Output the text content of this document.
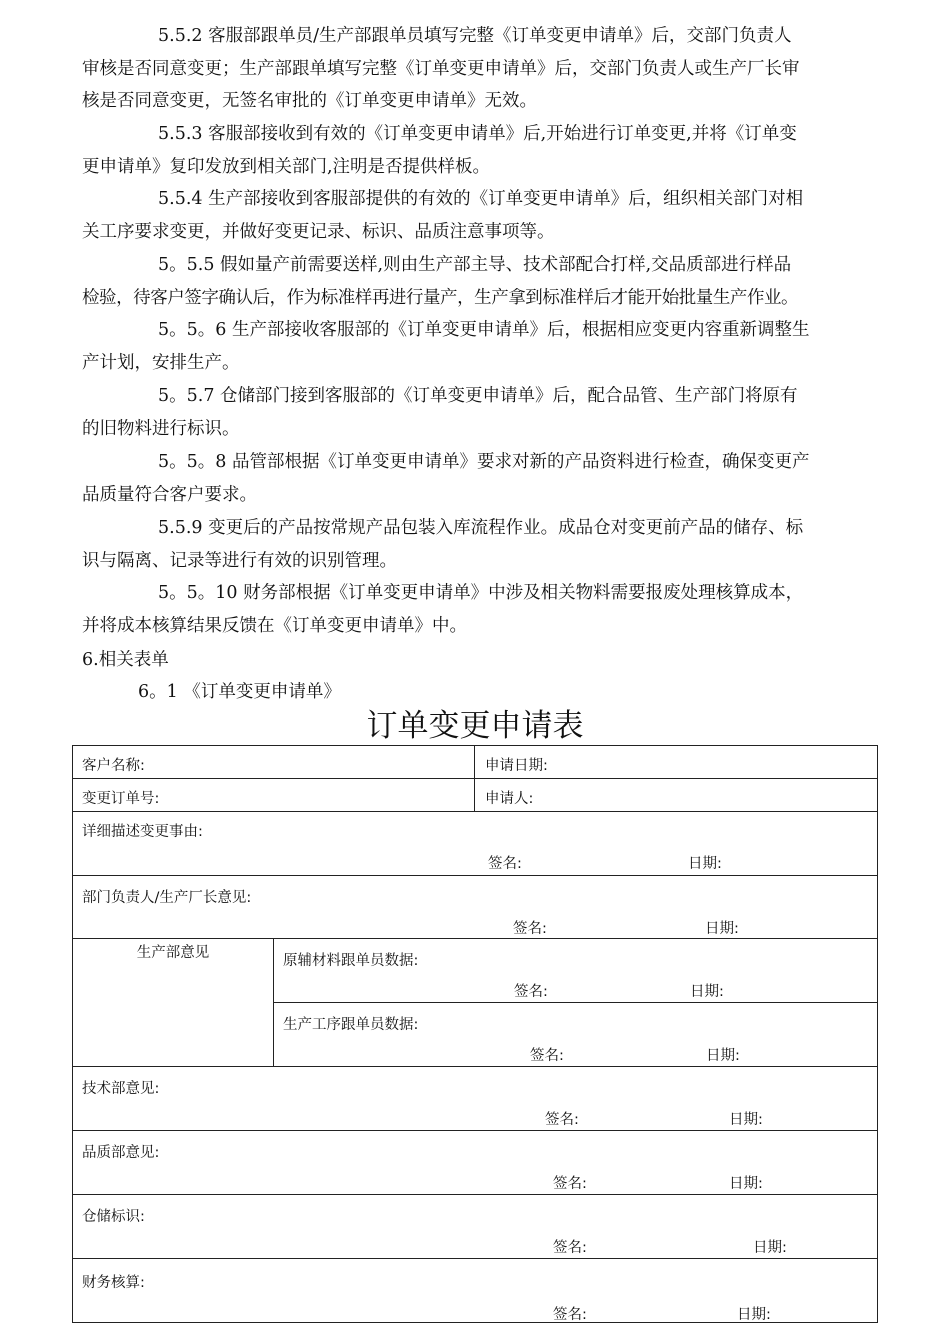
5.5.2 客服部跟单员/生产部跟单员填写完整《订单变更申请单》后，交部门负责人
审核是否同意变更；生产部跟单填写完整《订单变更申请单》后，交部门负责人或生产厂长审
核是否同意变更，无签名审批的《订单变更申请单》无效。
5.5.3 客服部接收到有效的《订单变更申请单》后,开始进行订单变更,并将《订单变
更申请单》复印发放到相关部门,注明是否提供样板。
5.5.4 生产部接收到客服部提供的有效的《订单变更申请单》后，组织相关部门对相
关工序要求变更，并做好变更记录、标识、品质注意事项等。
5。5.5 假如量产前需要送样,则由生产部主导、技术部配合打样,交品质部进行样品
检验，待客户签字确认后，作为标准样再进行量产，生产拿到标准样后才能开始批量生产作业。
5。5。6 生产部接收客服部的《订单变更申请单》后，根据相应变更内容重新调整生
产计划，安排生产。
5。5.7 仓储部门接到客服部的《订单变更申请单》后，配合品管、生产部门将原有
的旧物料进行标识。
5。5。8 品管部根据《订单变更申请单》要求对新的产品资料进行检查，确保变更产
品质量符合客户要求。
5.5.9 变更后的产品按常规产品包装入库流程作业。成品仓对变更前产品的储存、标
识与隔离、记录等进行有效的识别管理。
5。5。10 财务部根据《订单变更申请单》中涉及相关物料需要报废处理核算成本，
并将成本核算结果反馈在《订单变更申请单》中。
6.相关表单
6。1 《订单变更申请单》
订单变更申请表
客户名称:		申请日期:

变更订单号:		申请人:

详细描述变更事由:
签名: 日期:		

部门负责人/生产厂长意见:
签名: 日期:		

生产部意见	原辅材料跟单员数据:
签名: 日期:	

	生产工序跟单员数据:
签名: 日期:	

技术部意见:
签名: 日期:		

品质部意见:
签名: 日期:		

仓储标识:
签名: 日期:		

财务核算:
签名: 日期:		
